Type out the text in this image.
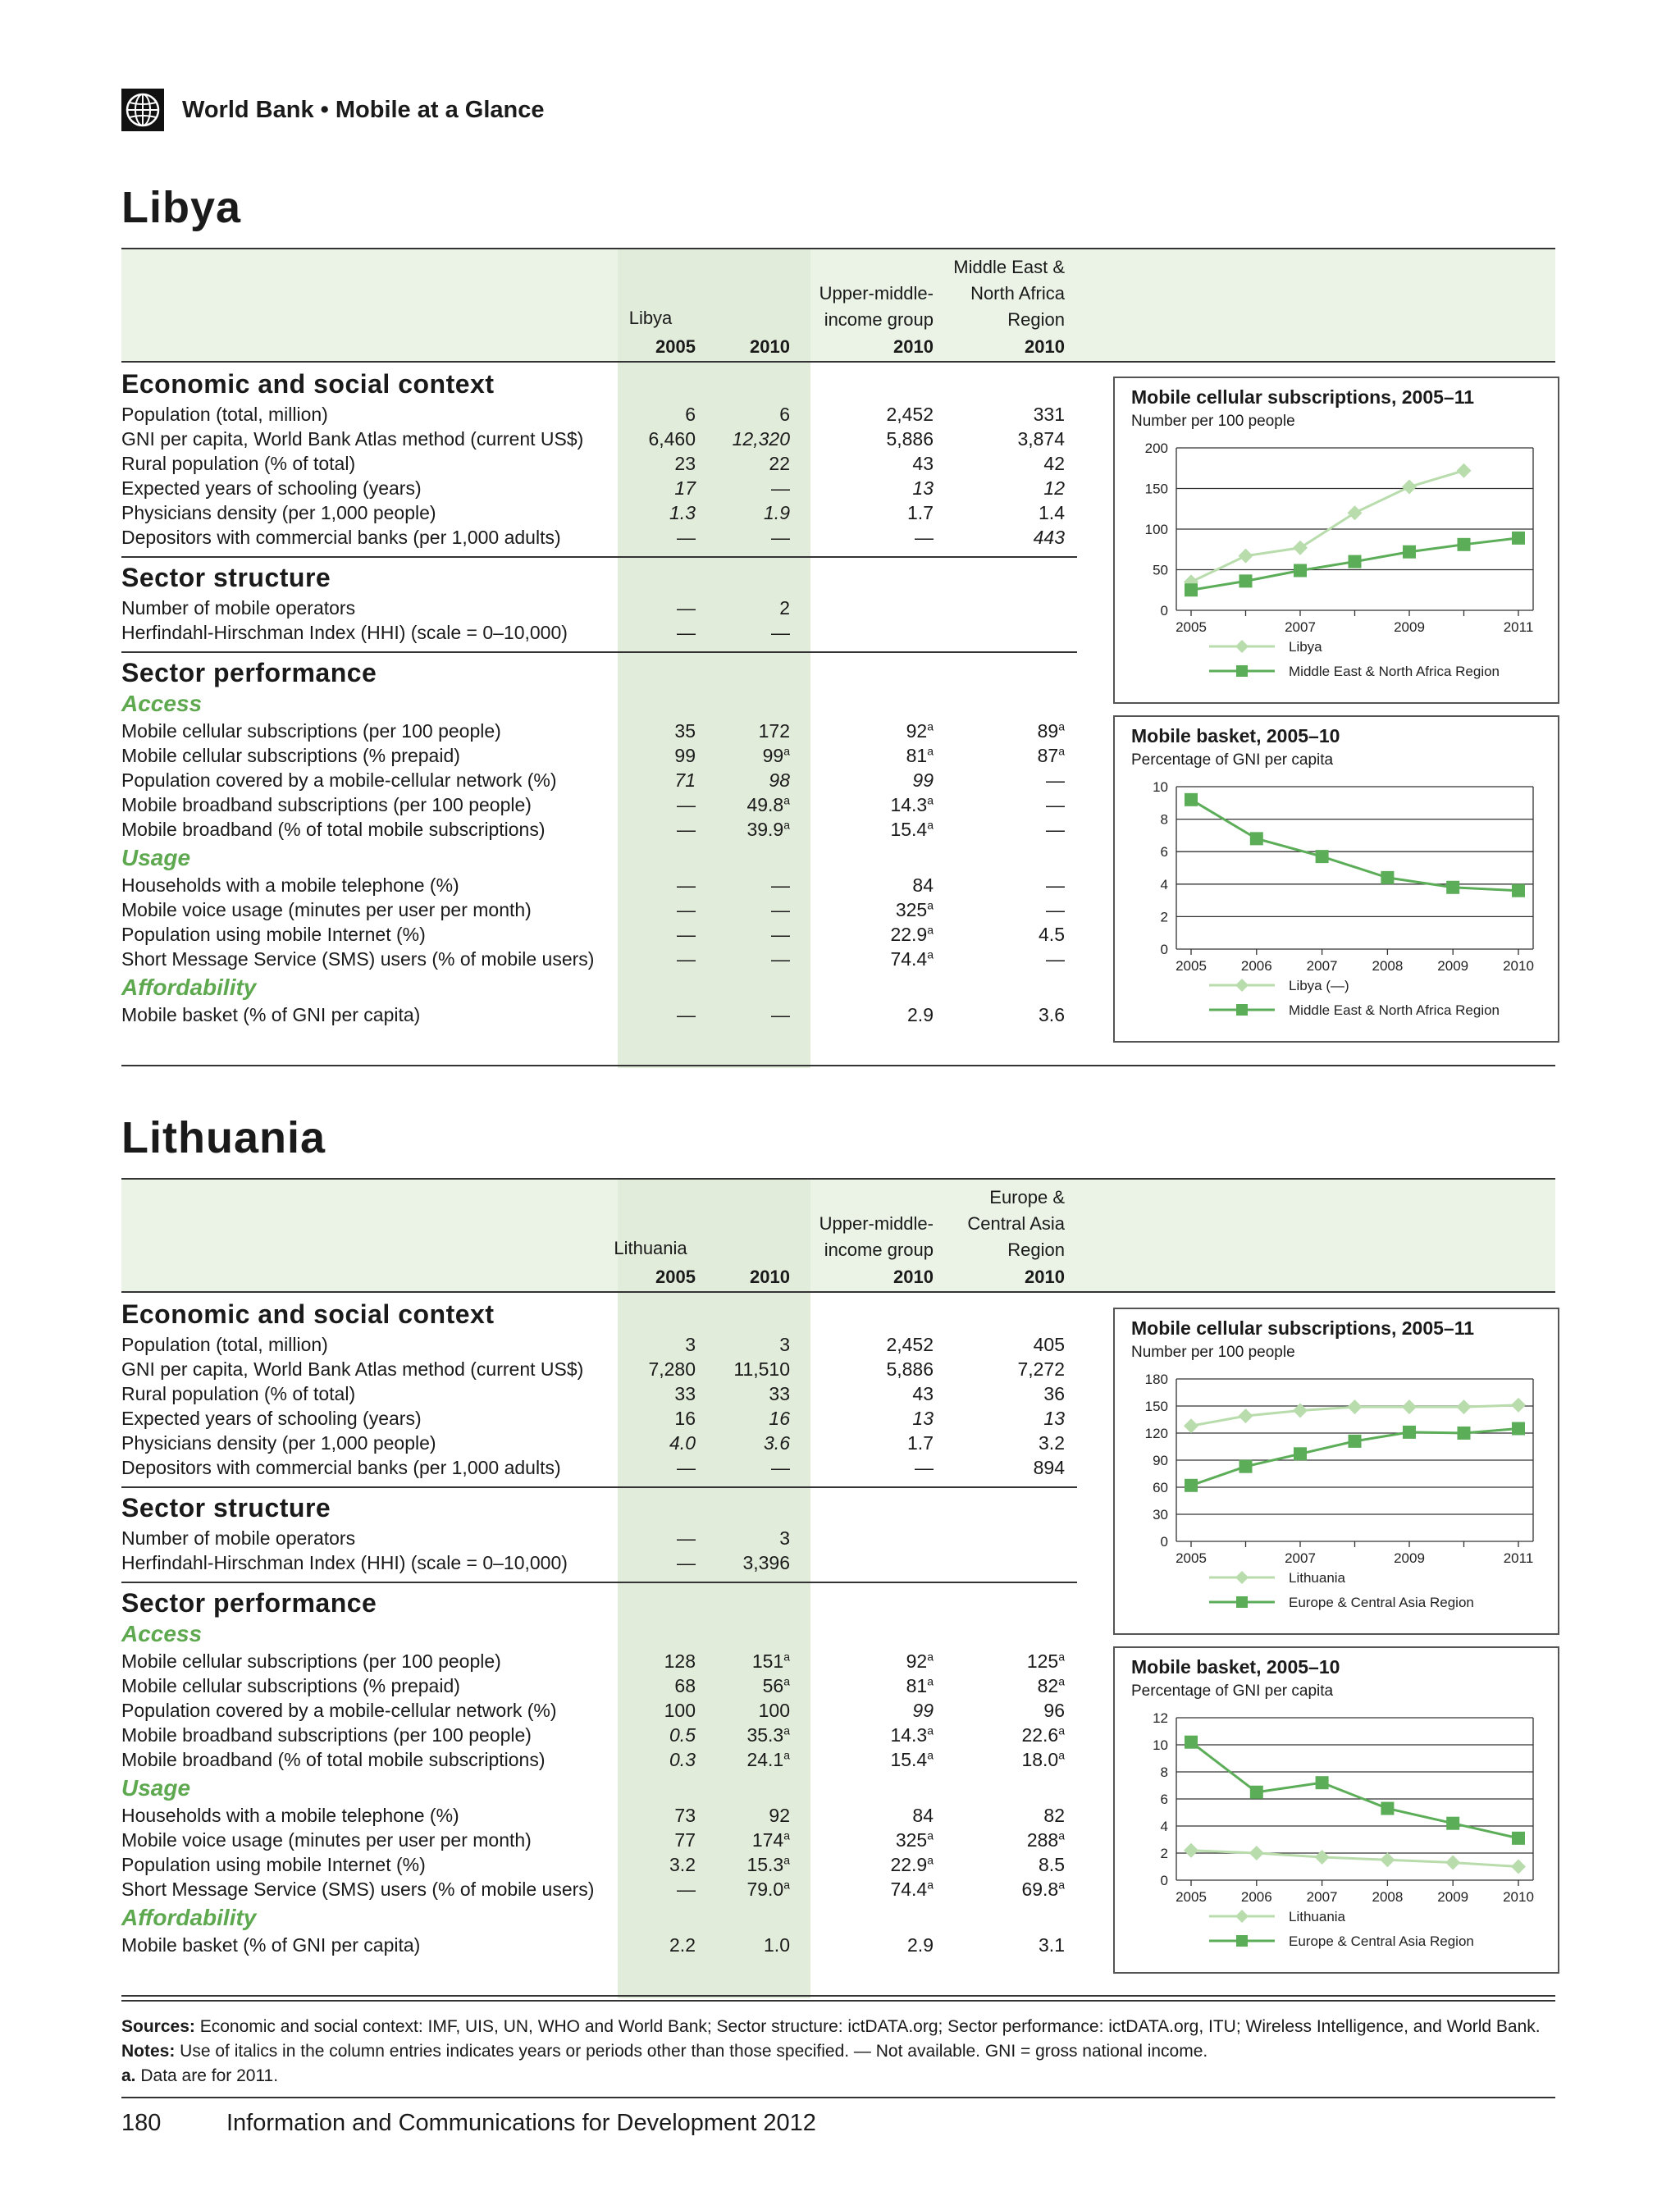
World Bank • Mobile at a Glance
Libya
Libya
2005	2010
Upper-middle-
income group
2010
Middle East &
North Africa
Region
2010
Economic and social context
Population (total, million)	6	6	2,452	331
GNI per capita, World Bank Atlas method (current US$)	6,460	12,320	5,886	3,874
Rural population (% of total)	23	22	43	42
Expected years of schooling (years)	17	—	13	12
Physicians density (per 1,000 people)	1.3	1.9	1.7	1.4
Depositors with commercial banks (per 1,000 adults)	—	—	—	443
Sector structure
Number of mobile operators	—	2
Herfindahl-Hirschman Index (HHI) (scale = 0–10,000)	—	—
Sector performance
Access
Mobile cellular subscriptions (per 100 people)	35	172	92$^a$	89$^a$
Mobile cellular subscriptions (% prepaid)	99	99$^a$	81$^a$	87$^a$
Population covered by a mobile-cellular network (%)	71	98	99	—
Mobile broadband subscriptions (per 100 people)	—	49.8$^a$	14.3$^a$	—
Mobile broadband (% of total mobile subscriptions)	—	39.9$^a$	15.4$^a$	—
Usage
Households with a mobile telephone (%)	—	—	84	—
Mobile voice usage (minutes per user per month)	—	—	325$^a$	—
Population using mobile Internet (%)	—	—	22.9$^a$	4.5
Short Message Service (SMS) users (% of mobile users)	—	—	74.4$^a$	—
Affordability
Mobile basket (% of GNI per capita)	—	—	2.9	3.6
Lithuania
Lithuania
2005	2010
Upper-middle-
income group
2010
Europe &
Central Asia
Region
2010
Economic and social context
Population (total, million)	3	3	2,452	405
GNI per capita, World Bank Atlas method (current US$)	7,280	11,510	5,886	7,272
Rural population (% of total)	33	33	43	36
Expected years of schooling (years)	16	16	13	13
Physicians density (per 1,000 people)	4.0	3.6	1.7	3.2
Depositors with commercial banks (per 1,000 adults)	—	—	—	894
Sector structure
Number of mobile operators	—	3
Herfindahl-Hirschman Index (HHI) (scale = 0–10,000)	—	3,396
Sector performance
Access
Mobile cellular subscriptions (per 100 people)	128	151$^a$	92$^a$	125$^a$
Mobile cellular subscriptions (% prepaid)	68	56$^a$	81$^a$	82$^a$
Population covered by a mobile-cellular network (%)	100	100	99	96
Mobile broadband subscriptions (per 100 people)	0.5	35.3$^a$	14.3$^a$	22.6$^a$
Mobile broadband (% of total mobile subscriptions)	0.3	24.1$^a$	15.4$^a$	18.0$^a$
Usage
Households with a mobile telephone (%)	73	92	84	82
Mobile voice usage (minutes per user per month)	77	174$^a$	325$^a$	288$^a$
Population using mobile Internet (%)	3.2	15.3$^a$	22.9$^a$	8.5
Short Message Service (SMS) users (% of mobile users)	—	79.0$^a$	74.4$^a$	69.8$^a$
Affordability
Mobile basket (% of GNI per capita)	2.2	1.0	2.9	3.1
Mobile cellular subscriptions, 2005–11
Number per 100 people
0
50
100
150
200
2005	2007	2009	2011
Libya
Middle East & North Africa Region
Mobile basket, 2005–10
Percentage of GNI per capita
0
2
4
6
8
10
2005 2006 2007 2008 2009 2010
Libya (—)
Middle East & North Africa Region
Mobile cellular subscriptions, 2005–11
Number per 100 people
0
30
60
90
120
150
180
2005	2007	2009	2011
Lithuania
Europe & Central Asia Region
Mobile basket, 2005–10
Percentage of GNI per capita
0
2
4
6
8
10
12
2005 2006 2007 2008 2009 2010
Lithuania
Europe & Central Asia Region
Sources: Economic and social context: IMF, UIS, UN, WHO and World Bank; Sector structure: ictDATA.org; Sector performance: ictDATA.org, ITU; Wireless Intelligence, and World Bank.
Notes: Use of italics in the column entries indicates years or periods other than those specified. — Not available. GNI = gross national income.
a. Data are for 2011.
180	Information and Communications for Development 2012
